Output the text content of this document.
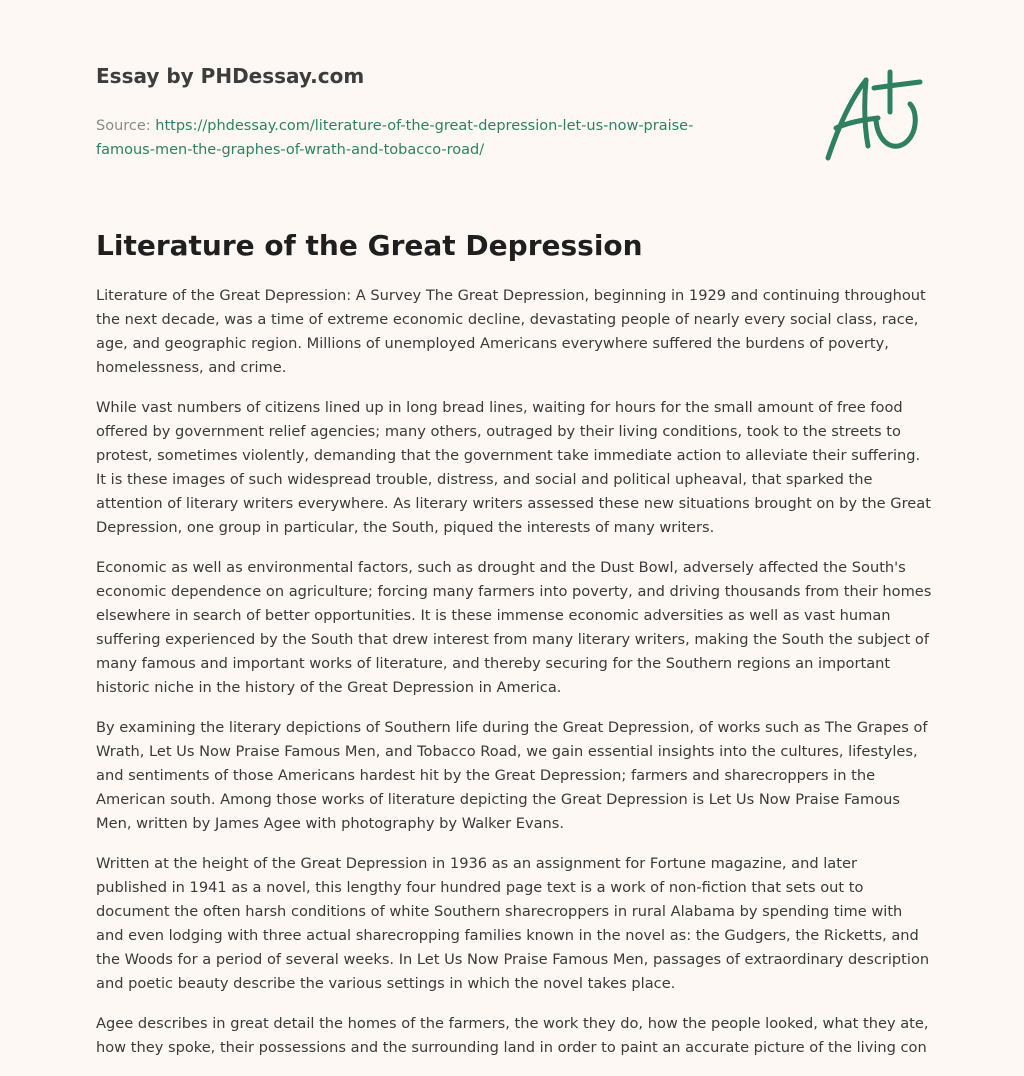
Essay by PHDessay.com
Source: https://phdessay.com/literature-of-the-great-depression-let-us-now-praise-
famous-men-the-graphes-of-wrath-and-tobacco-road/
Literature of the Great Depression

Literature of the Great Depression: A Survey The Great Depression, beginning in 1929 and continuing throughout the next decade, was a time of extreme economic decline, devastating people of nearly every social class, race, age, and geographic region. Millions of unemployed Americans everywhere suffered the burdens of poverty, homelessness, and crime.

While vast numbers of citizens lined up in long bread lines, waiting for hours for the small amount of free food offered by government relief agencies; many others, outraged by their living conditions, took to the streets to protest, sometimes violently, demanding that the government take immediate action to alleviate their suffering. It is these images of such widespread trouble, distress, and social and political upheaval, that sparked the attention of literary writers everywhere. As literary writers assessed these new situations brought on by the Great Depression, one group in particular, the South, piqued the interests of many writers.

Economic as well as environmental factors, such as drought and the Dust Bowl, adversely affected the South's economic dependence on agriculture; forcing many farmers into poverty, and driving thousands from their homes elsewhere in search of better opportunities. It is these immense economic adversities as well as vast human suffering experienced by the South that drew interest from many literary writers, making the South the subject of many famous and important works of literature, and thereby securing for the Southern regions an important historic niche in the history of the Great Depression in America.

By examining the literary depictions of Southern life during the Great Depression, of works such as The Grapes of Wrath, Let Us Now Praise Famous Men, and Tobacco Road, we gain essential insights into the cultures, lifestyles, and sentiments of those Americans hardest hit by the Great Depression; farmers and sharecroppers in the American south. Among those works of literature depicting the Great Depression is Let Us Now Praise Famous Men, written by James Agee with photography by Walker Evans.

Written at the height of the Great Depression in 1936 as an assignment for Fortune magazine, and later published in 1941 as a novel, this lengthy four hundred page text is a work of non-fiction that sets out to document the often harsh conditions of white Southern sharecroppers in rural Alabama by spending time with and even lodging with three actual sharecropping families known in the novel as: the Gudgers, the Ricketts, and the Woods for a period of several weeks. In Let Us Now Praise Famous Men, passages of extraordinary description and poetic beauty describe the various settings in which the novel takes place.

Agee describes in great detail the homes of the farmers, the work they do, how the people looked, what they ate, how they spoke, their possessions and the surrounding land in order to paint an accurate picture of the living con
